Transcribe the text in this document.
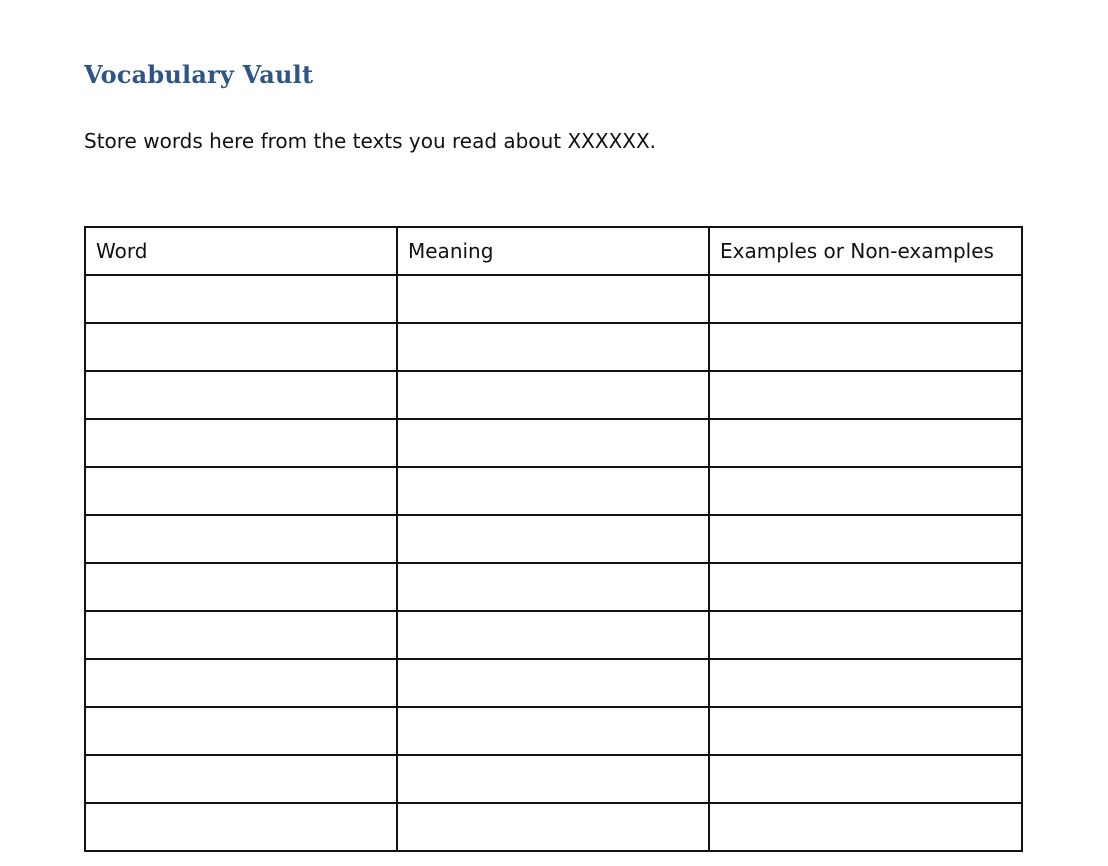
Vocabulary Vault

Store words here from the texts you read about XXXXXX.

Word	Meaning	Examples or Non-examples
